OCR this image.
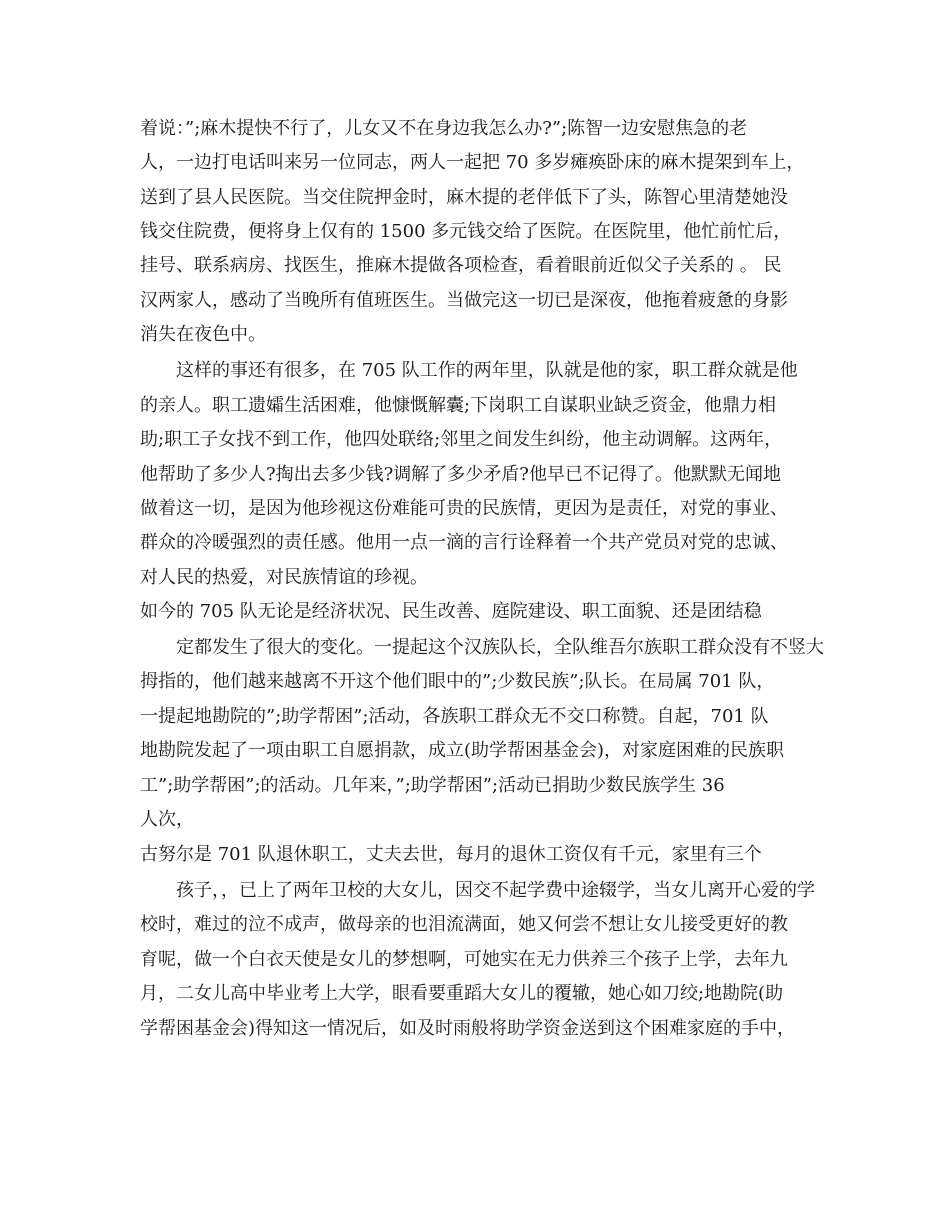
着说：”;麻木提快不行了，儿女又不在身边我怎么办?”;陈智一边安慰焦急的老
人，一边打电话叫来另一位同志，两人一起把 70 多岁瘫痪卧床的麻木提架到车上，
送到了县人民医院。当交住院押金时，麻木提的老伴低下了头，陈智心里清楚她没
钱交住院费，便将身上仅有的 1500 多元钱交给了医院。在医院里，他忙前忙后，
挂号、联系病房、找医生，推麻木提做各项检查，看着眼前近似父子关系的 。 民
汉两家人，感动了当晚所有值班医生。当做完这一切已是深夜，他拖着疲惫的身影
消失在夜色中。
这样的事还有很多，在 705 队工作的两年里，队就是他的家，职工群众就是他
的亲人。职工遗孀生活困难，他慷慨解囊;下岗职工自谋职业缺乏资金，他鼎力相
助;职工子女找不到工作，他四处联络;邻里之间发生纠纷，他主动调解。这两年，
他帮助了多少人?掏出去多少钱?调解了多少矛盾?他早已不记得了。他默默无闻地
做着这一切，是因为他珍视这份难能可贵的民族情，更因为是责任，对党的事业、
群众的冷暖强烈的责任感。他用一点一滴的言行诠释着一个共产党员对党的忠诚、
对人民的热爱，对民族情谊的珍视。
如今的 705 队无论是经济状况、民生改善、庭院建设、职工面貌、还是团结稳
定都发生了很大的变化。一提起这个汉族队长，全队维吾尔族职工群众没有不竖大
拇指的，他们越来越离不开这个他们眼中的”;少数民族”;队长。在局属 701 队，
一提起地勘院的”;助学帮困”;活动，各族职工群众无不交口称赞。自起，701 队
地勘院发起了一项由职工自愿捐款，成立(助学帮困基金会)，对家庭困难的民族职
工”;助学帮困”;的活动。几年来，”;助学帮困”;活动已捐助少数民族学生 36
人次，
古努尔是 701 队退休职工，丈夫去世，每月的退休工资仅有千元，家里有三个
孩子，，已上了两年卫校的大女儿，因交不起学费中途辍学，当女儿离开心爱的学
校时，难过的泣不成声，做母亲的也泪流满面，她又何尝不想让女儿接受更好的教
育呢，做一个白衣天使是女儿的梦想啊，可她实在无力供养三个孩子上学，去年九
月，二女儿高中毕业考上大学，眼看要重蹈大女儿的覆辙，她心如刀绞;地勘院(助
学帮困基金会)得知这一情况后，如及时雨般将助学资金送到这个困难家庭的手中，
